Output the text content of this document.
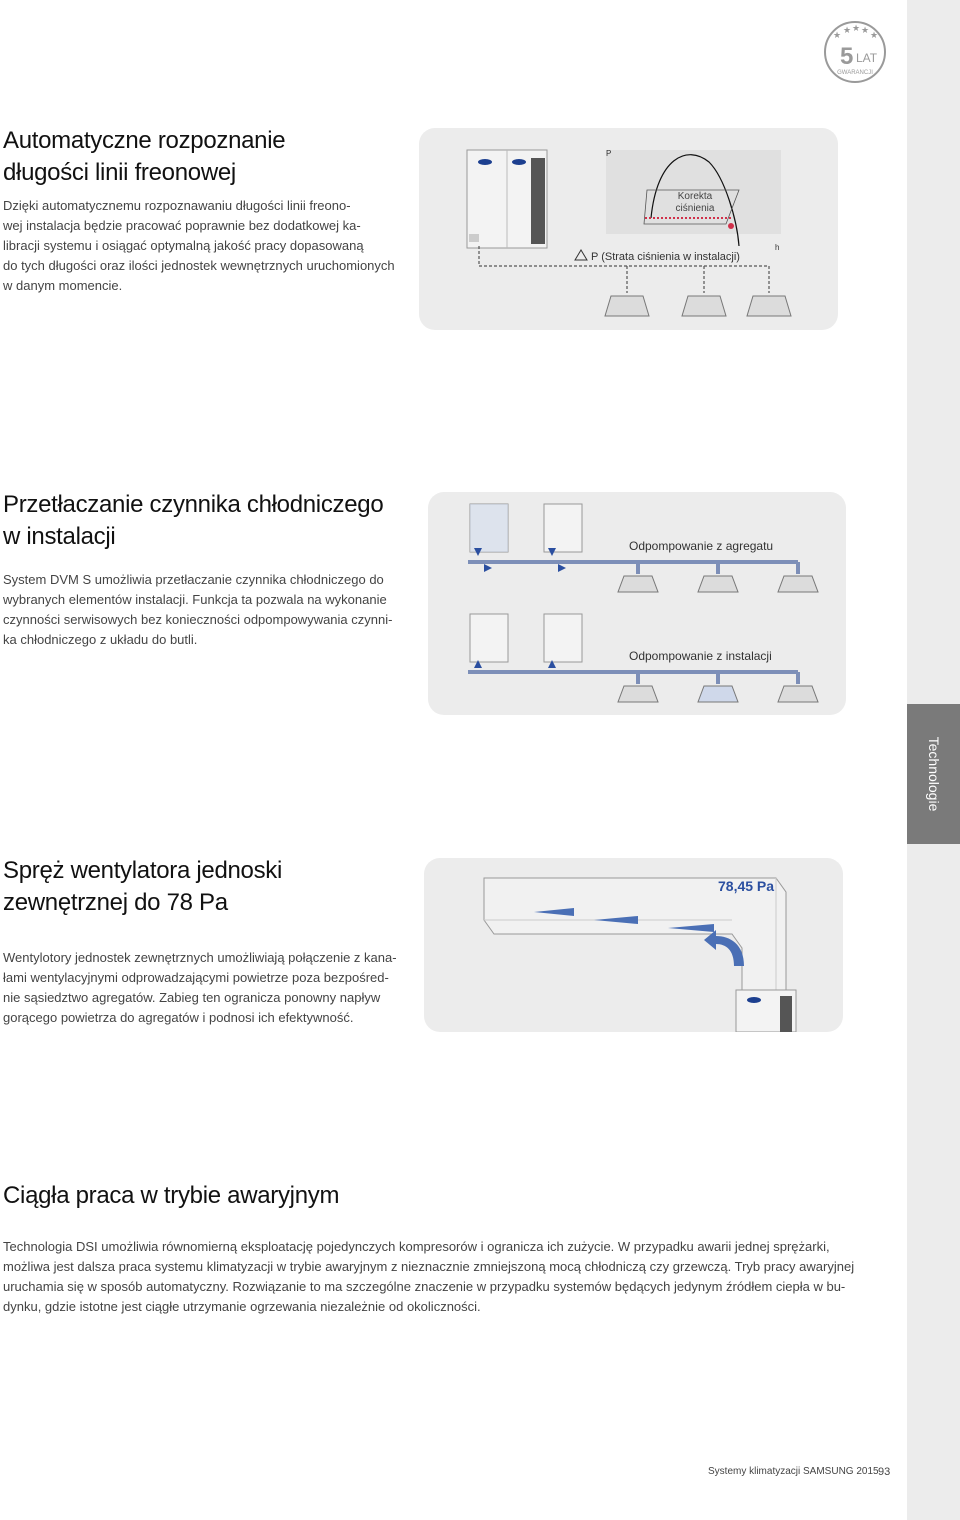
Technologie
★ ★ ★ ★ ★
5 LAT
GWARANCJI
Automatyczne rozpoznanie
długości linii freonowej

Dzięki automatycznemu rozpoznawaniu długości linii freono-
wej instalacja będzie pracować poprawnie bez dodatkowej ka-
libracji systemu i osiągać optymalną jakość pracy dopasowaną
do tych długości oraz ilości jednostek wewnętrznych uruchomionych
w danym momencie.

P
h
Korekta
ciśnienia
P (Strata ciśnienia w instalacji)
Przetłaczanie czynnika chłodniczego
w instalacji

System DVM S umożliwia przetłaczanie czynnika chłodniczego do
wybranych elementów instalacji. Funkcja ta pozwala na wykonanie
czynności serwisowych bez konieczności odpompowywania czynni-
ka chłodniczego z układu do butli.

Odpompowanie z agregatu
Odpompowanie z instalacji
Spręż wentylatora jednoski
zewnętrznej do 78 Pa

Wentylotory jednostek zewnętrznych umożliwiają połączenie z kana-
łami wentylacyjnymi odprowadzającymi powietrze poza bezpośred-
nie sąsiedztwo agregatów. Zabieg ten ogranicza ponowny napływ
gorącego powietrza do agregatów i podnosi ich efektywność.

78,45 Pa
Ciągła praca w trybie awaryjnym

Technologia DSI umożliwia równomierną eksploatację pojedynczych kompresorów i ogranicza ich zużycie. W przypadku awarii jednej sprężarki,
możliwa jest dalsza praca systemu klimatyzacji w trybie awaryjnym z nieznacznie zmniejszoną mocą chłodniczą czy grzewczą. Tryb pracy awaryjnej
uruchamia się w sposób automatyczny. Rozwiązanie to ma szczególne znaczenie w przypadku systemów będących jedynym źródłem ciepła w bu-
dynku, gdzie istotne jest ciągłe utrzymanie ogrzewania niezależnie od okoliczności.

Systemy klimatyzacji SAMSUNG 2015 93
